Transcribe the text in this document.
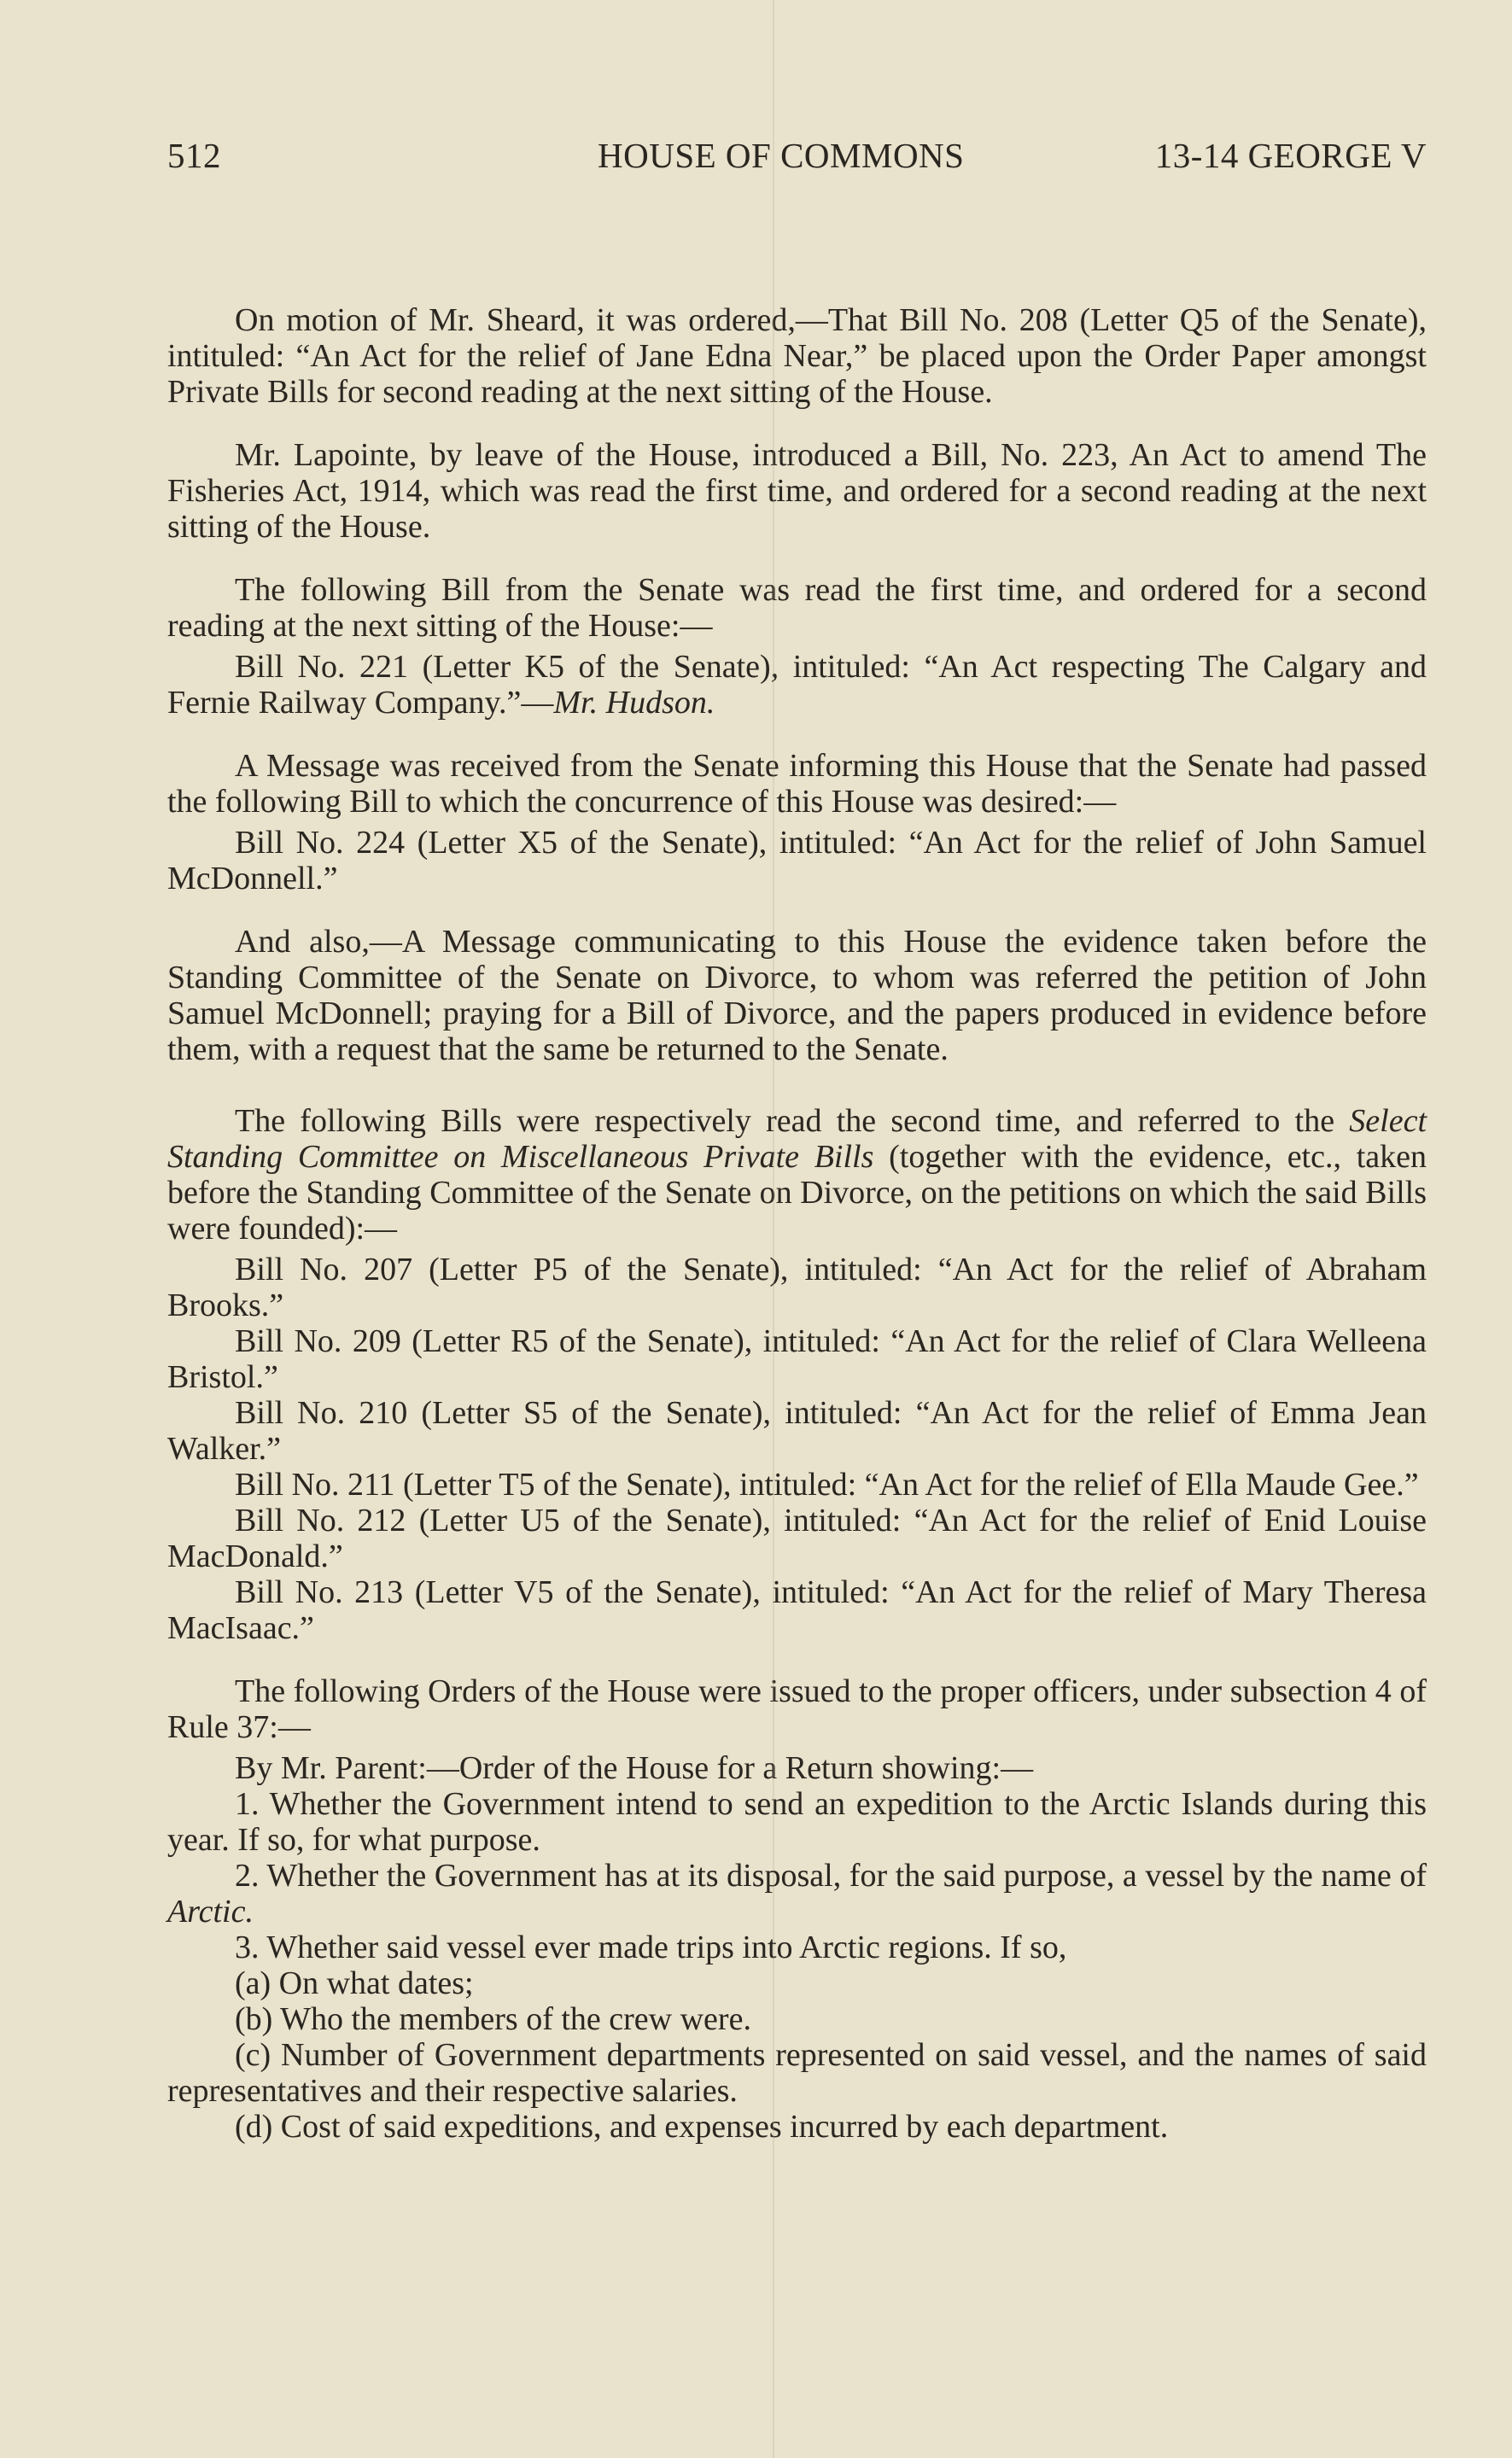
512	HOUSE OF COMMONS	13-14 GEORGE V

On motion of Mr. Sheard, it was ordered,—That Bill No. 208 (Letter Q5 of the Senate), intituled: “An Act for the relief of Jane Edna Near,” be placed upon the Order Paper amongst Private Bills for second reading at the next sitting of the House.

Mr. Lapointe, by leave of the House, introduced a Bill, No. 223, An Act to amend The Fisheries Act, 1914, which was read the first time, and ordered for a second reading at the next sitting of the House.

The following Bill from the Senate was read the first time, and ordered for a second reading at the next sitting of the House:—

Bill No. 221 (Letter K5 of the Senate), intituled: “An Act respecting The Calgary and Fernie Railway Company.”—Mr. Hudson.

A Message was received from the Senate informing this House that the Senate had passed the following Bill to which the concurrence of this House was desired:—

Bill No. 224 (Letter X5 of the Senate), intituled: “An Act for the relief of John Samuel McDonnell.”

And also,—A Message communicating to this House the evidence taken before the Standing Committee of the Senate on Divorce, to whom was referred the petition of John Samuel McDonnell; praying for a Bill of Divorce, and the papers produced in evidence before them, with a request that the same be returned to the Senate.

The following Bills were respectively read the second time, and referred to the Select Standing Committee on Miscellaneous Private Bills (together with the evidence, etc., taken before the Standing Committee of the Senate on Divorce, on the petitions on which the said Bills were founded):—

Bill No. 207 (Letter P5 of the Senate), intituled: “An Act for the relief of Abraham Brooks.”

Bill No. 209 (Letter R5 of the Senate), intituled: “An Act for the relief of Clara Welleena Bristol.”

Bill No. 210 (Letter S5 of the Senate), intituled: “An Act for the relief of Emma Jean Walker.”

Bill No. 211 (Letter T5 of the Senate), intituled: “An Act for the relief of Ella Maude Gee.”

Bill No. 212 (Letter U5 of the Senate), intituled: “An Act for the relief of Enid Louise MacDonald.”

Bill No. 213 (Letter V5 of the Senate), intituled: “An Act for the relief of Mary Theresa MacIsaac.”

The following Orders of the House were issued to the proper officers, under subsection 4 of Rule 37:—

By Mr. Parent:—Order of the House for a Return showing:—

1. Whether the Government intend to send an expedition to the Arctic Islands during this year. If so, for what purpose.

2. Whether the Government has at its disposal, for the said purpose, a vessel by the name of Arctic.

3. Whether said vessel ever made trips into Arctic regions. If so,

(a) On what dates;

(b) Who the members of the crew were.

(c) Number of Government departments represented on said vessel, and the names of said representatives and their respective salaries.

(d) Cost of said expeditions, and expenses incurred by each department.
